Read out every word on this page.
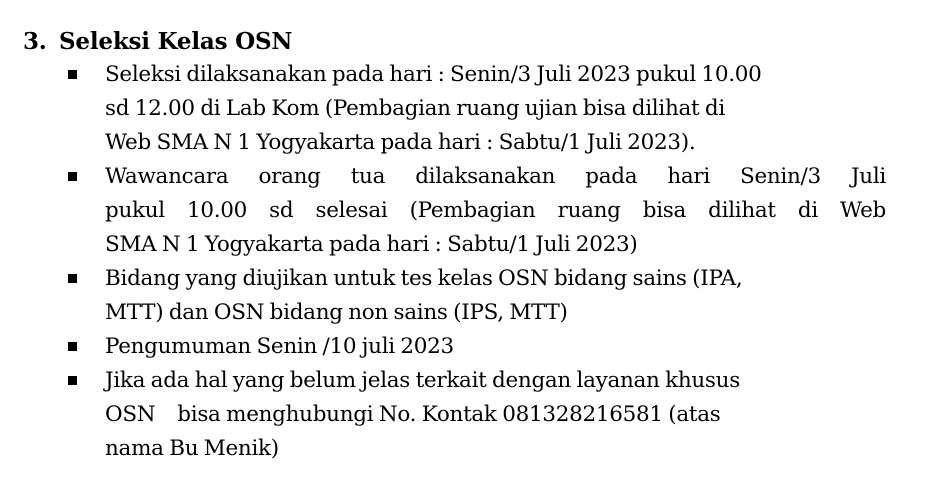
3. Seleksi Kelas OSN
Seleksi dilaksanakan pada hari : Senin/3 Juli 2023 pukul 10.00
sd 12.00 di Lab Kom (Pembagian ruang ujian bisa dilihat di
Web SMA N 1 Yogyakarta pada hari : Sabtu/1 Juli 2023).
Wawancara orang tua dilaksanakan pada hari Senin/3 Juli
pukul 10.00 sd selesai (Pembagian ruang bisa dilihat di Web
SMA N 1 Yogyakarta pada hari : Sabtu/1 Juli 2023)
Bidang yang diujikan untuk tes kelas OSN bidang sains (IPA,
MTT) dan OSN bidang non sains (IPS, MTT)
Pengumuman Senin /10 juli 2023
Jika ada hal yang belum jelas terkait dengan layanan khusus
OSN bisa menghubungi No. Kontak 081328216581 (atas
nama Bu Menik)
